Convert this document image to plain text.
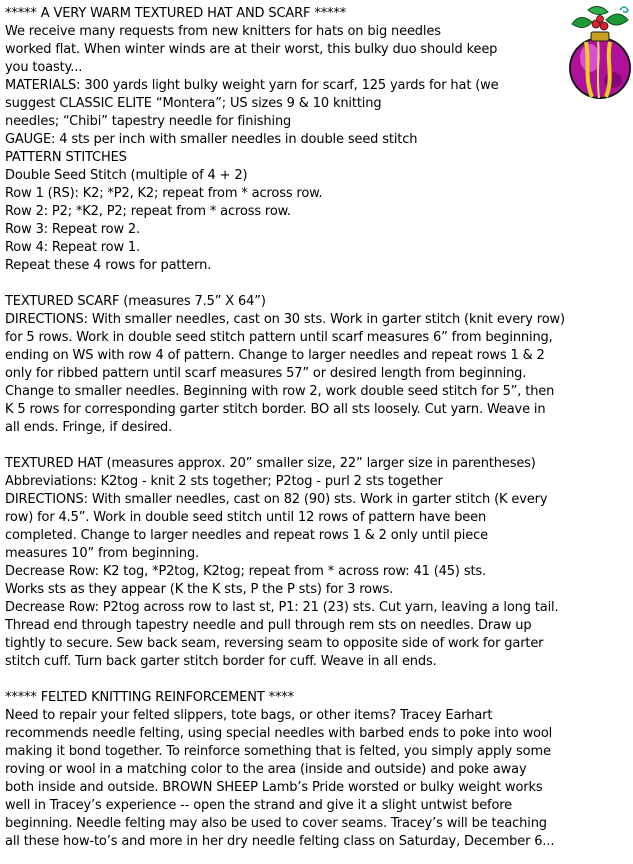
***** A VERY WARM TEXTURED HAT AND SCARF *****
We receive many requests from new knitters for hats on big needles
worked flat. When winter winds are at their worst, this bulky duo should keep
you toasty...
MATERIALS: 300 yards light bulky weight yarn for scarf, 125 yards for hat (we
suggest CLASSIC ELITE “Montera”; US sizes 9 & 10 knitting
needles; “Chibi” tapestry needle for finishing
GAUGE: 4 sts per inch with smaller needles in double seed stitch
PATTERN STITCHES
Double Seed Stitch (multiple of 4 + 2)
Row 1 (RS): K2; *P2, K2; repeat from * across row.
Row 2: P2; *K2, P2; repeat from * across row.
Row 3: Repeat row 2.
Row 4: Repeat row 1.
Repeat these 4 rows for pattern.
TEXTURED SCARF (measures 7.5” X 64”)
DIRECTIONS: With smaller needles, cast on 30 sts. Work in garter stitch (knit every row)
for 5 rows. Work in double seed stitch pattern until scarf measures 6” from beginning,
ending on WS with row 4 of pattern. Change to larger needles and repeat rows 1 & 2
only for ribbed pattern until scarf measures 57” or desired length from beginning.
Change to smaller needles. Beginning with row 2, work double seed stitch for 5”, then
K 5 rows for corresponding garter stitch border. BO all sts loosely. Cut yarn. Weave in
all ends. Fringe, if desired.
TEXTURED HAT (measures approx. 20” smaller size, 22” larger size in parentheses)
Abbreviations: K2tog - knit 2 sts together; P2tog - purl 2 sts together
DIRECTIONS: With smaller needles, cast on 82 (90) sts. Work in garter stitch (K every
row) for 4.5”. Work in double seed stitch until 12 rows of pattern have been
completed. Change to larger needles and repeat rows 1 & 2 only until piece
measures 10” from beginning.
Decrease Row: K2 tog, *P2tog, K2tog; repeat from * across row: 41 (45) sts.
Works sts as they appear (K the K sts, P the P sts) for 3 rows.
Decrease Row: P2tog across row to last st, P1: 21 (23) sts. Cut yarn, leaving a long tail.
Thread end through tapestry needle and pull through rem sts on needles. Draw up
tightly to secure. Sew back seam, reversing seam to opposite side of work for garter
stitch cuff. Turn back garter stitch border for cuff. Weave in all ends.
***** FELTED KNITTING REINFORCEMENT ****
Need to repair your felted slippers, tote bags, or other items? Tracey Earhart
recommends needle felting, using special needles with barbed ends to poke into wool
making it bond together. To reinforce something that is felted, you simply apply some
roving or wool in a matching color to the area (inside and outside) and poke away
both inside and outside. BROWN SHEEP Lamb’s Pride worsted or bulky weight works
well in Tracey’s experience -- open the strand and give it a slight untwist before
beginning. Needle felting may also be used to cover seams. Tracey’s will be teaching
all these how-to’s and more in her dry needle felting class on Saturday, December 6...
